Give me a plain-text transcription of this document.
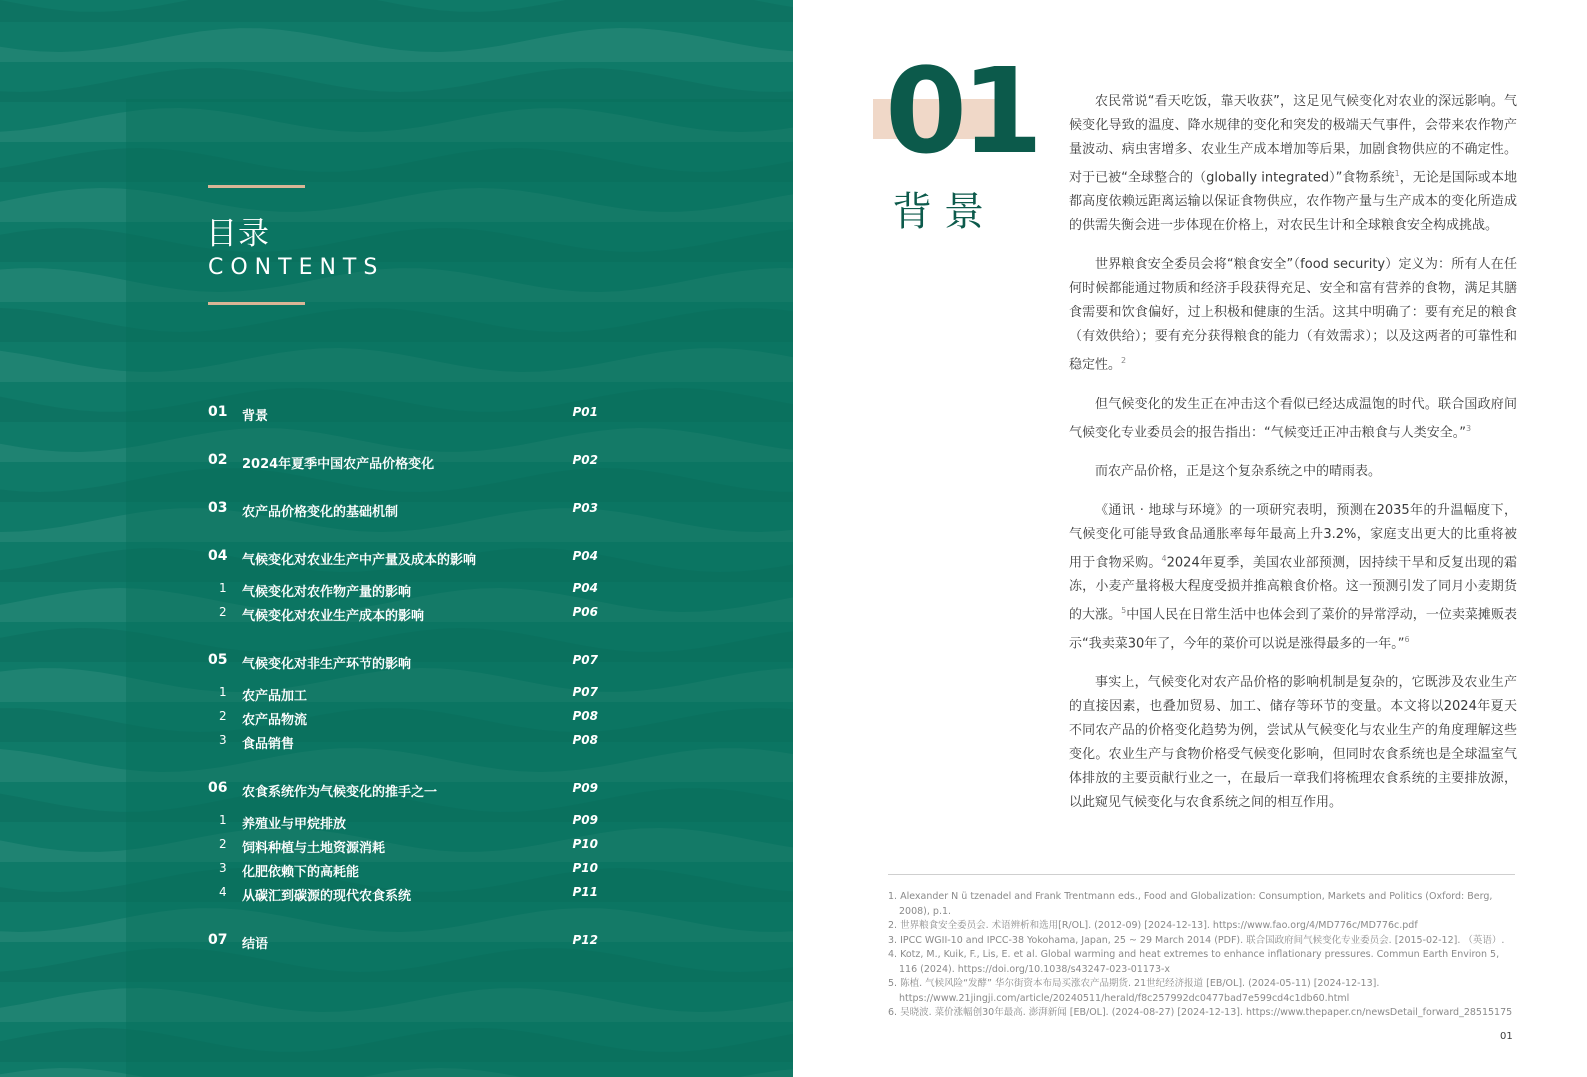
目录
CONTENTS
01 背景	P01
02 2024年夏季中国农产品价格变化	P02
03 农产品价格变化的基础机制	P03
04 气候变化对农业生产中产量及成本的影响	P04
1 气候变化对农作物产量的影响	P04
2 气候变化对农业生产成本的影响	P06
05 气候变化对非生产环节的影响	P07
1 农产品加工	P07
2 农产品物流	P08
3 食品销售	P08
06 农食系统作为气候变化的推手之一	P09
1 养殖业与甲烷排放	P09
2 饲料种植与土地资源消耗	P10
3 化肥依赖下的高耗能	P10
4 从碳汇到碳源的现代农食系统	P11
07 结语	P12
01
背景

农民常说“看天吃饭，靠天收获”，这足见气候变化对农业的深远影响。气候变化导致的温度、降水规律的变化和突发的极端天气事件，会带来农作物产量波动、病虫害增多、农业生产成本增加等后果，加剧食物供应的不确定性。对于已被“全球整合的（globally integrated）”食物系统$^1$，无论是国际或本地都高度依赖远距离运输以保证食物供应，农作物产量与生产成本的变化所造成的供需失衡会进一步体现在价格上，对农民生计和全球粮食安全构成挑战。

世界粮食安全委员会将“粮食安全”（food security）定义为：所有人在任何时候都能通过物质和经济手段获得充足、安全和富有营养的食物，满足其膳食需要和饮食偏好，过上积极和健康的生活。这其中明确了：要有充足的粮食（有效供给）；要有充分获得粮食的能力（有效需求）；以及这两者的可靠性和稳定性。$^2$

但气候变化的发生正在冲击这个看似已经达成温饱的时代。联合国政府间气候变化专业委员会的报告指出：“气候变迁正冲击粮食与人类安全。”$^3$

而农产品价格，正是这个复杂系统之中的晴雨表。

《通讯 · 地球与环境》的一项研究表明，预测在2035年的升温幅度下，气候变化可能导致食品通胀率每年最高上升3.2%，家庭支出更大的比重将被用于食物采购。$^4$2024年夏季，美国农业部预测，因持续干旱和反复出现的霜冻，小麦产量将极大程度受损并推高粮食价格。这一预测引发了同月小麦期货的大涨。$^5$中国人民在日常生活中也体会到了菜价的异常浮动，一位卖菜摊贩表示“我卖菜30年了，今年的菜价可以说是涨得最多的一年。”$^6$

事实上，气候变化对农产品价格的影响机制是复杂的，它既涉及农业生产的直接因素，也叠加贸易、加工、储存等环节的变量。本文将以2024年夏天不同农产品的价格变化趋势为例，尝试从气候变化与农业生产的角度理解这些变化。农业生产与食物价格受气候变化影响，但同时农食系统也是全球温室气体排放的主要贡献行业之一，在最后一章我们将梳理农食系统的主要排放源，以此窥见气候变化与农食系统之间的相互作用。

1. Alexander N ü tzenadel and Frank Trentmann eds., Food and Globalization: Consumption, Markets and Politics (Oxford: Berg, 2008), p.1.
2. 世界粮食安全委员会. 术语辨析和选用[R/OL]. (2012-09) [2024-12-13]. https://www.fao.org/4/MD776c/MD776c.pdf
3. IPCC WGII-10 and IPCC-38 Yokohama, Japan, 25 ~ 29 March 2014 (PDF). 联合国政府间气候变化专业委员会. [2015-02-12]. （英语）.
4. Kotz, M., Kuik, F., Lis, E. et al. Global warming and heat extremes to enhance inflationary pressures. Commun Earth Environ 5, 116 (2024). https://doi.org/10.1038/s43247-023-01173-x
5. 陈植. 气候风险“发酵” 华尔街资本布局买涨农产品期货. 21世纪经济报道 [EB/OL]. (2024-05-11) [2024-12-13]. https://www.21jingji.com/article/20240511/herald/f8c257992dc0477bad7e599cd4c1db60.html
6. 吴晓波. 菜价涨幅创30年最高. 澎湃新闻 [EB/OL]. (2024-08-27) [2024-12-13]. https://www.thepaper.cn/newsDetail_forward_28515175
01
